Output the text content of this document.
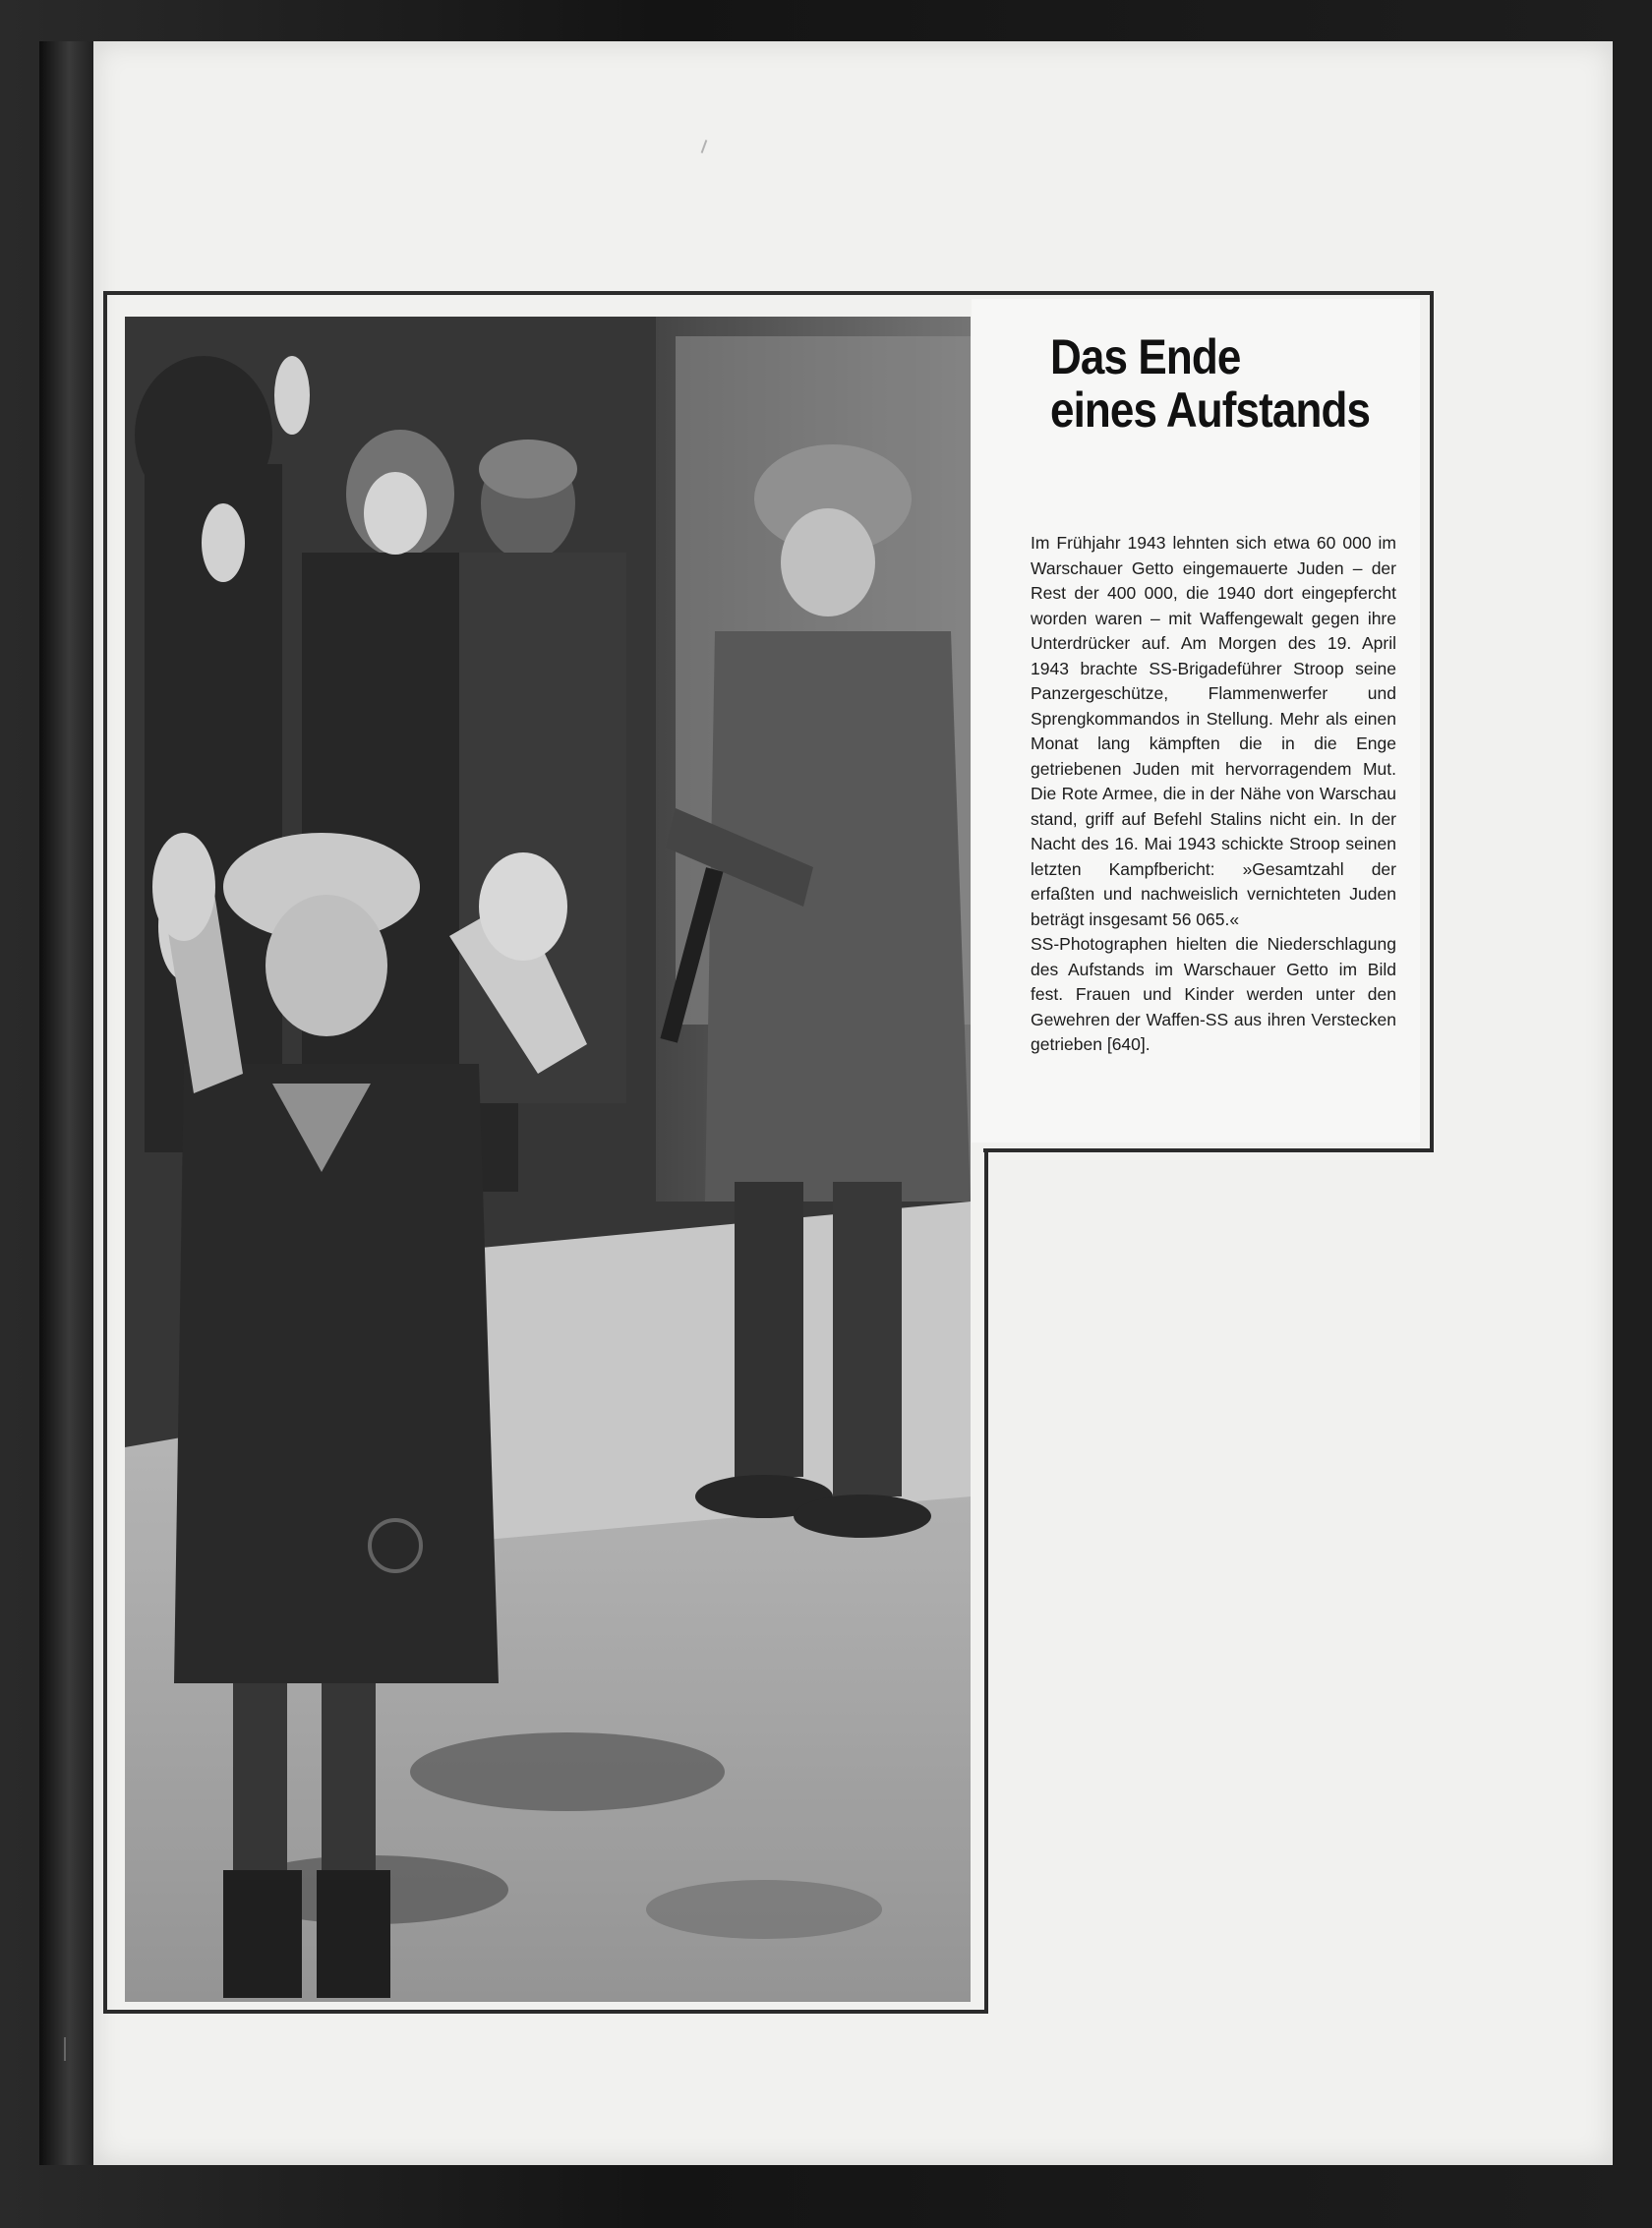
Das Ende
eines Aufstands

Im Frühjahr 1943 lehnten sich etwa 60 000 im Warschauer Getto eingemauerte Juden – der Rest der 400 000, die 1940 dort eingepfercht worden waren – mit Waffengewalt gegen ihre Unterdrücker auf. Am Morgen des 19. April 1943 brachte SS-Brigadeführer Stroop seine Panzergeschütze, Flammenwerfer und Sprengkommandos in Stellung. Mehr als einen Monat lang kämpften die in die Enge getriebenen Juden mit hervorragendem Mut. Die Rote Armee, die in der Nähe von Warschau stand, griff auf Befehl Stalins nicht ein. In der Nacht des 16. Mai 1943 schickte Stroop seinen letzten Kampfbericht: »Gesamtzahl der erfaßten und nachweislich vernichteten Juden beträgt insgesamt 56 065.«

SS-Photographen hielten die Niederschlagung des Aufstands im Warschauer Getto im Bild fest. Frauen und Kinder werden unter den Gewehren der Waffen-SS aus ihren Verstecken getrieben [640].
